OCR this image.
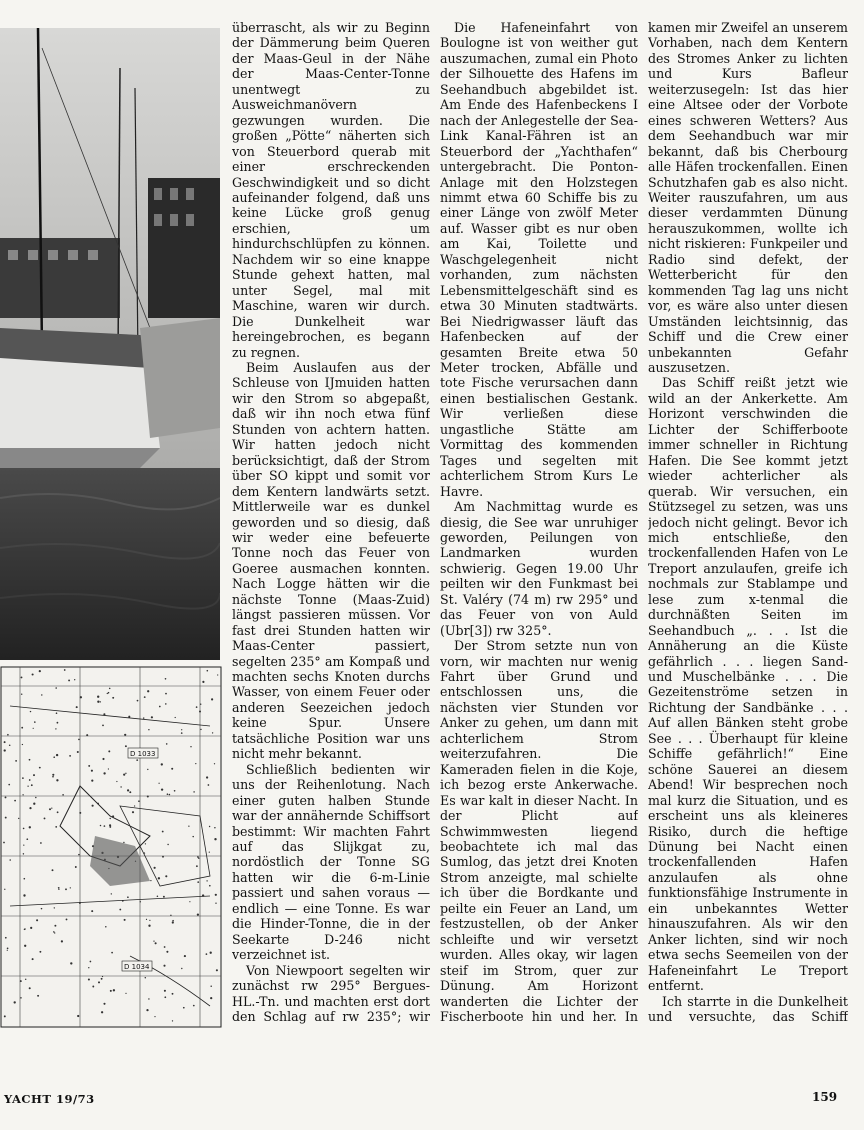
D 1033
D 1034

überrascht, als wir zu Beginn der Dämmerung beim Queren der Maas-Geul in der Nähe der Maas-Center-Tonne unentwegt zu Ausweichmanövern gezwungen wurden. Die großen „Pötte“ näherten sich von Steuerbord querab mit einer erschreckenden Geschwindigkeit und so dicht aufeinander folgend, daß uns keine Lücke groß genug erschien, um hindurchschlüpfen zu können. Nachdem wir so eine knappe Stunde gehext hatten, mal unter Segel, mal mit Maschine, waren wir durch. Die Dunkelheit war hereingebrochen, es begann zu regnen.

Beim Auslaufen aus der Schleuse von IJmuiden hatten wir den Strom so abgepaßt, daß wir ihn noch etwa fünf Stunden von achtern hatten. Wir hatten jedoch nicht berücksichtigt, daß der Strom über SO kippt und somit vor dem Kentern landwärts setzt. Mittlerweile war es dunkel geworden und so diesig, daß wir weder eine befeuerte Tonne noch das Feuer von Goeree ausmachen konnten. Nach Logge hätten wir die nächste Tonne (Maas-Zuid) längst passieren müssen. Vor fast drei Stunden hatten wir Maas-Center passiert, segelten 235° am Kompaß und machten sechs Knoten durchs Wasser, von einem Feuer oder anderen Seezeichen jedoch keine Spur. Unsere tatsächliche Position war uns nicht mehr bekannt.

Schließlich bedienten wir uns der Reihenlotung. Nach einer guten halben Stunde war der annähernde Schiffsort bestimmt: Wir machten Fahrt auf das Slijkgat zu, nordöstlich der Tonne SG hatten wir die 6-m-Linie passiert und sahen voraus — endlich — eine Tonne. Es war die Hinder-Tonne, die in der Seekarte D-246 nicht verzeichnet ist.

Von Niewpoort segelten wir zunächst rw 295° Bergues-HL.-Tn. und machten erst dort den Schlag auf rw 235°; wir

Die Hafeneinfahrt von Boulogne ist von weither gut auszumachen, zumal ein Photo der Silhouette des Hafens im Seehandbuch abgebildet ist. Am Ende des Hafenbeckens I nach der Anlegestelle der Sea-Link Kanal-Fähren ist an Steuerbord der „Yachthafen“ untergebracht. Die Ponton-Anlage mit den Holzstegen nimmt etwa 60 Schiffe bis zu einer Länge von zwölf Meter auf. Wasser gibt es nur oben am Kai, Toilette und Waschgelegenheit nicht vorhanden, zum nächsten Lebensmittelgeschäft sind es etwa 30 Minuten stadtwärts. Bei Niedrigwasser läuft das Hafenbecken auf der gesamten Breite etwa 50 Meter trocken, Abfälle und tote Fische verursachen dann einen bestialischen Gestank. Wir verließen diese ungastliche Stätte am Vormittag des kommenden Tages und segelten mit achterlichem Strom Kurs Le Havre.

Am Nachmittag wurde es diesig, die See war unruhiger geworden, Peilungen von Landmarken wurden schwierig. Gegen 19.00 Uhr peilten wir den Funkmast bei St. Valéry (74 m) rw 295° und das Feuer von von Auld (Ubr[3]) rw 325°.

Der Strom setzte nun von vorn, wir machten nur wenig Fahrt über Grund und entschlossen uns, die nächsten vier Stunden vor Anker zu gehen, um dann mit achterlichem Strom weiterzufahren. Die Kameraden fielen in die Koje, ich bezog erste Ankerwache. Es war kalt in dieser Nacht. In der Plicht auf Schwimmwesten liegend beobachtete ich mal das Sumlog, das jetzt drei Knoten Strom anzeigte, mal schielte ich über die Bordkante und peilte ein Feuer an Land, um festzustellen, ob der Anker schleifte und wir versetzt wurden. Alles okay, wir lagen steif im Strom, quer zur Dünung. Am Horizont wanderten die Lichter der Fischerboote hin und her. In

kamen mir Zweifel an unserem Vorhaben, nach dem Kentern des Stromes Anker zu lichten und Kurs Bafleur weiterzusegeln: Ist das hier eine Altsee oder der Vorbote eines schweren Wetters? Aus dem Seehandbuch war mir bekannt, daß bis Cherbourg alle Häfen trockenfallen. Einen Schutzhafen gab es also nicht. Weiter rauszufahren, um aus dieser verdammten Dünung herauszukommen, wollte ich nicht riskieren: Funkpeiler und Radio sind defekt, der Wetterbericht für den kommenden Tag lag uns nicht vor, es wäre also unter diesen Umständen leichtsinnig, das Schiff und die Crew einer unbekannten Gefahr auszusetzen.

Das Schiff reißt jetzt wie wild an der Ankerkette. Am Horizont verschwinden die Lichter der Schifferboote immer schneller in Richtung Hafen. Die See kommt jetzt wieder achterlicher als querab. Wir versuchen, ein Stützsegel zu setzen, was uns jedoch nicht gelingt. Bevor ich mich entschließe, den trockenfallenden Hafen von Le Treport anzulaufen, greife ich nochmals zur Stablampe und lese zum x-tenmal die durchnäßten Seiten im Seehandbuch „. . . Ist die Annäherung an die Küste gefährlich . . . liegen Sand- und Muschelbänke . . . Die Gezeitenströme setzen in Richtung der Sandbänke . . . Auf allen Bänken steht grobe See . . . Überhaupt für kleine Schiffe gefährlich!“ Eine schöne Sauerei an diesem Abend! Wir besprechen noch mal kurz die Situation, und es erscheint uns als kleineres Risiko, durch die heftige Dünung bei Nacht einen trockenfallenden Hafen anzulaufen als ohne funktionsfähige Instrumente in ein unbekanntes Wetter hinauszufahren. Als wir den Anker lichten, sind wir noch etwa sechs Seemeilen von der Hafeneinfahrt Le Treport entfernt.

Ich starrte in die Dunkelheit und versuchte, das Schiff

YACHT 19/73	159
